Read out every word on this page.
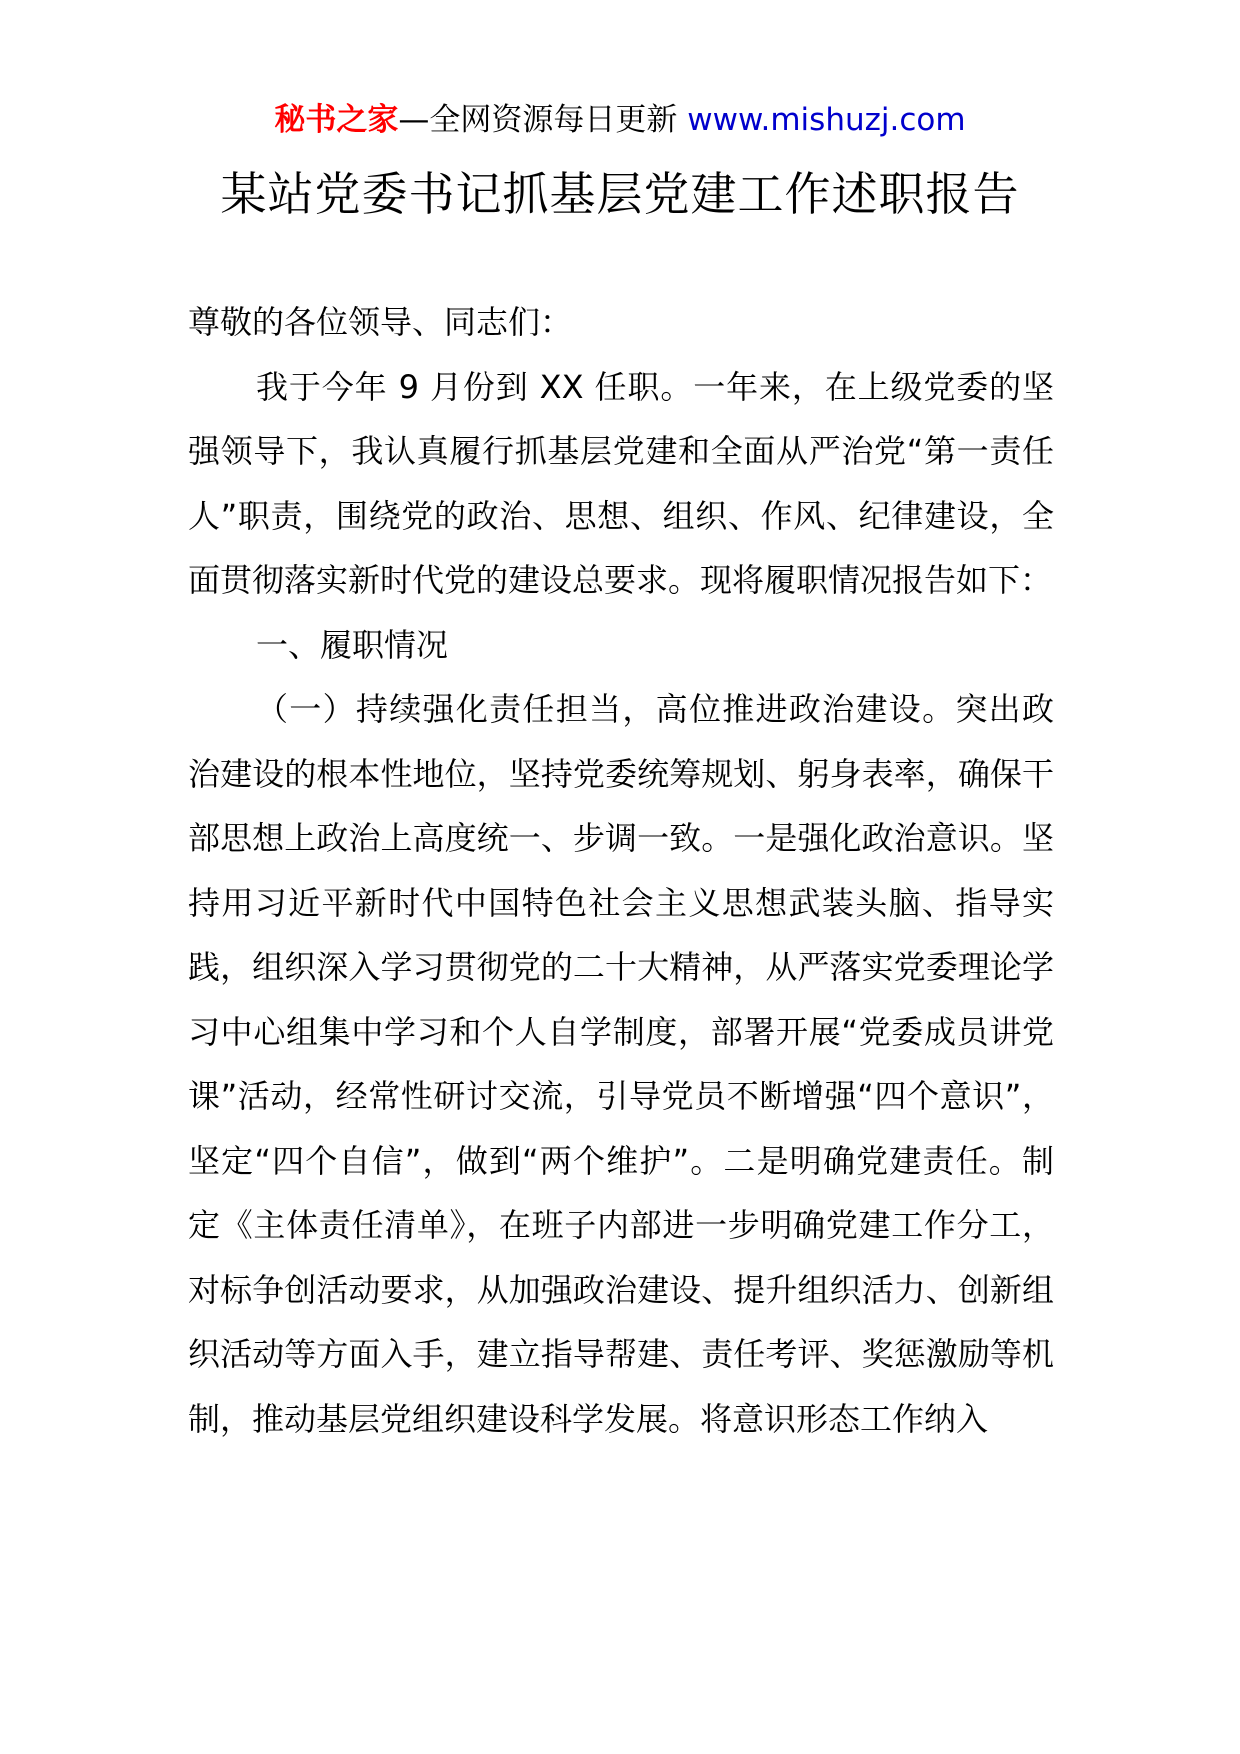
秘书之家—全网资源每日更新 www.mishuzj.com
某站党委书记抓基层党建工作述职报告

尊敬的各位领导、同志们：

我于今年 9 月份到 XX 任职。一年来，在上级党委的坚强领导下，我认真履行抓基层党建和全面从严治党“第一责任人”职责，围绕党的政治、思想、组织、作风、纪律建设，全面贯彻落实新时代党的建设总要求。现将履职情况报告如下：

一、履职情况

（一）持续强化责任担当，高位推进政治建设。突出政治建设的根本性地位，坚持党委统筹规划、躬身表率，确保干部思想上政治上高度统一、步调一致。一是强化政治意识。坚持用习近平新时代中国特色社会主义思想武装头脑、指导实践，组织深入学习贯彻党的二十大精神，从严落实党委理论学习中心组集中学习和个人自学制度，部署开展“党委成员讲党课”活动，经常性研讨交流，引导党员不断增强“四个意识”，坚定“四个自信”，做到“两个维护”。二是明确党建责任。制定《主体责任清单》，在班子内部进一步明确党建工作分工，对标争创活动要求，从加强政治建设、提升组织活力、创新组织活动等方面入手，建立指导帮建、责任考评、奖惩激励等机制，推动基层党组织建设科学发展。将意识形态工作纳入
